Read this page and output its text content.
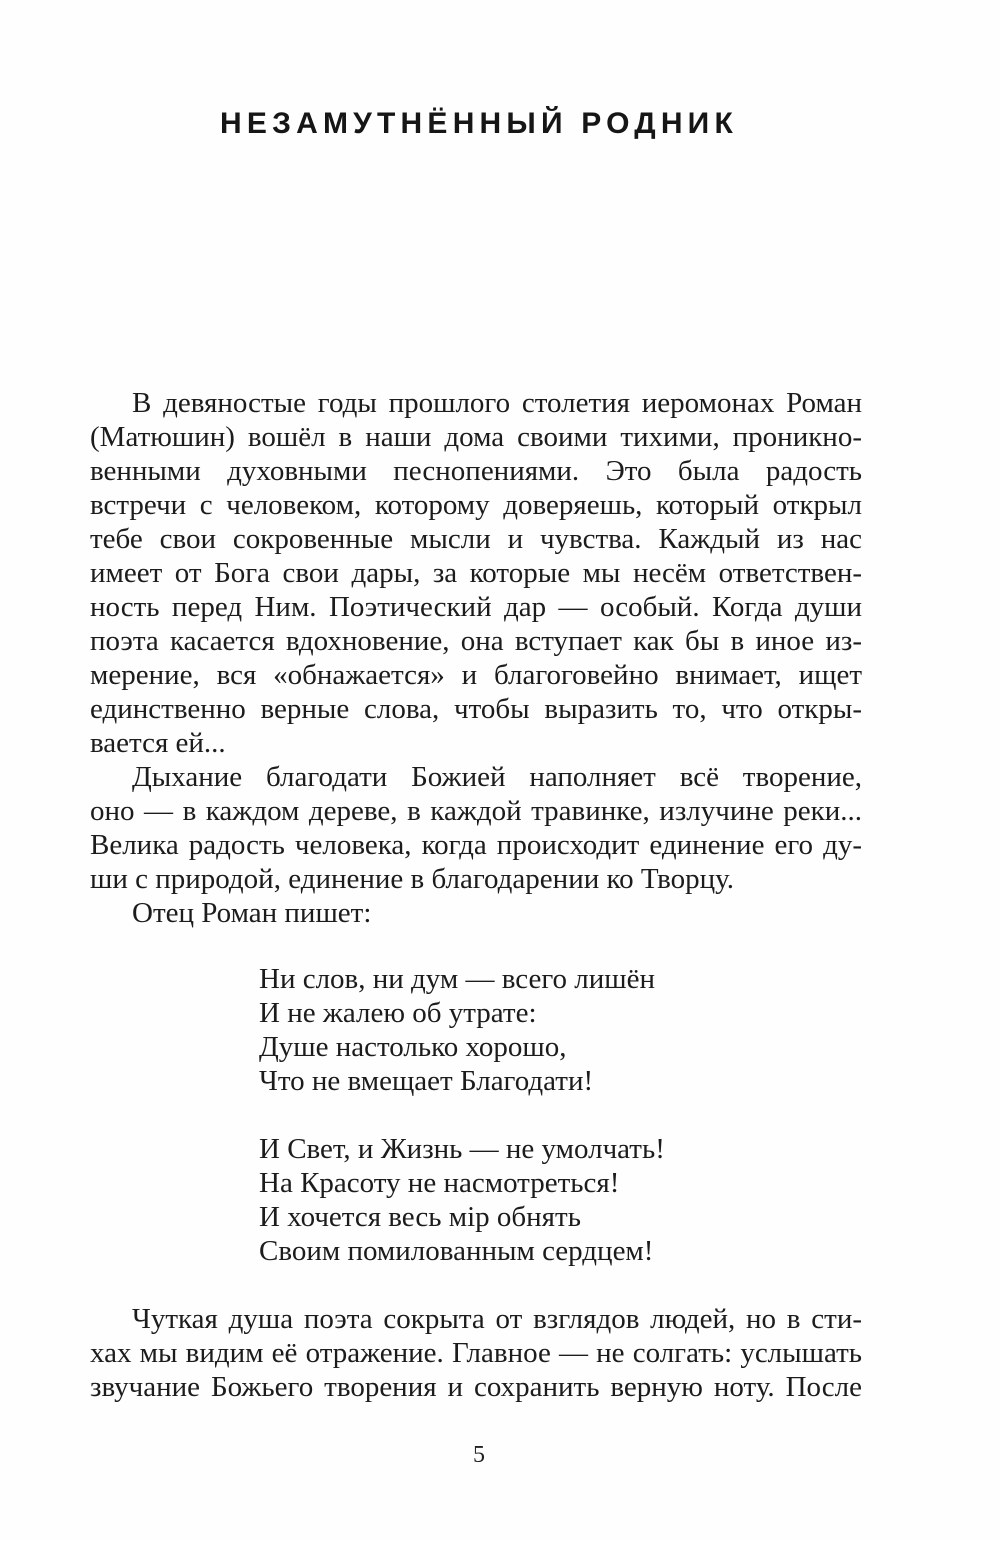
НЕЗАМУТНЁННЫЙ РОДНИК
В девяностые годы прошлого столетия иеромонах Роман
(Матюшин) вошёл в наши дома своими тихими, проникно-
венными духовными песнопениями. Это была радость
встречи с человеком, которому доверяешь, который открыл
тебе свои сокровенные мысли и чувства. Каждый из нас
имеет от Бога свои дары, за которые мы несём ответствен-
ность перед Ним. Поэтический дар — особый. Когда души
поэта касается вдохновение, она вступает как бы в иное из-
мерение, вся «обнажается» и благоговейно внимает, ищет
единственно верные слова, чтобы выразить то, что откры-
вается ей...
Дыхание благодати Божией наполняет всё творение,
оно — в каждом дереве, в каждой травинке, излучине реки...
Велика радость человека, когда происходит единение его ду-
ши с природой, единение в благодарении ко Творцу.
Отец Роман пишет:
Ни слов, ни дум — всего лишён
И не жалею об утрате:
Душе настолько хорошо,
Что не вмещает Благодати!
И Свет, и Жизнь — не умолчать!
На Красоту не насмотреться!
И хочется весь мір обнять
Своим помилованным сердцем!
Чуткая душа поэта сокрыта от взглядов людей, но в сти-
хах мы видим её отражение. Главное — не солгать: услышать
звучание Божьего творения и сохранить верную ноту. После
5
